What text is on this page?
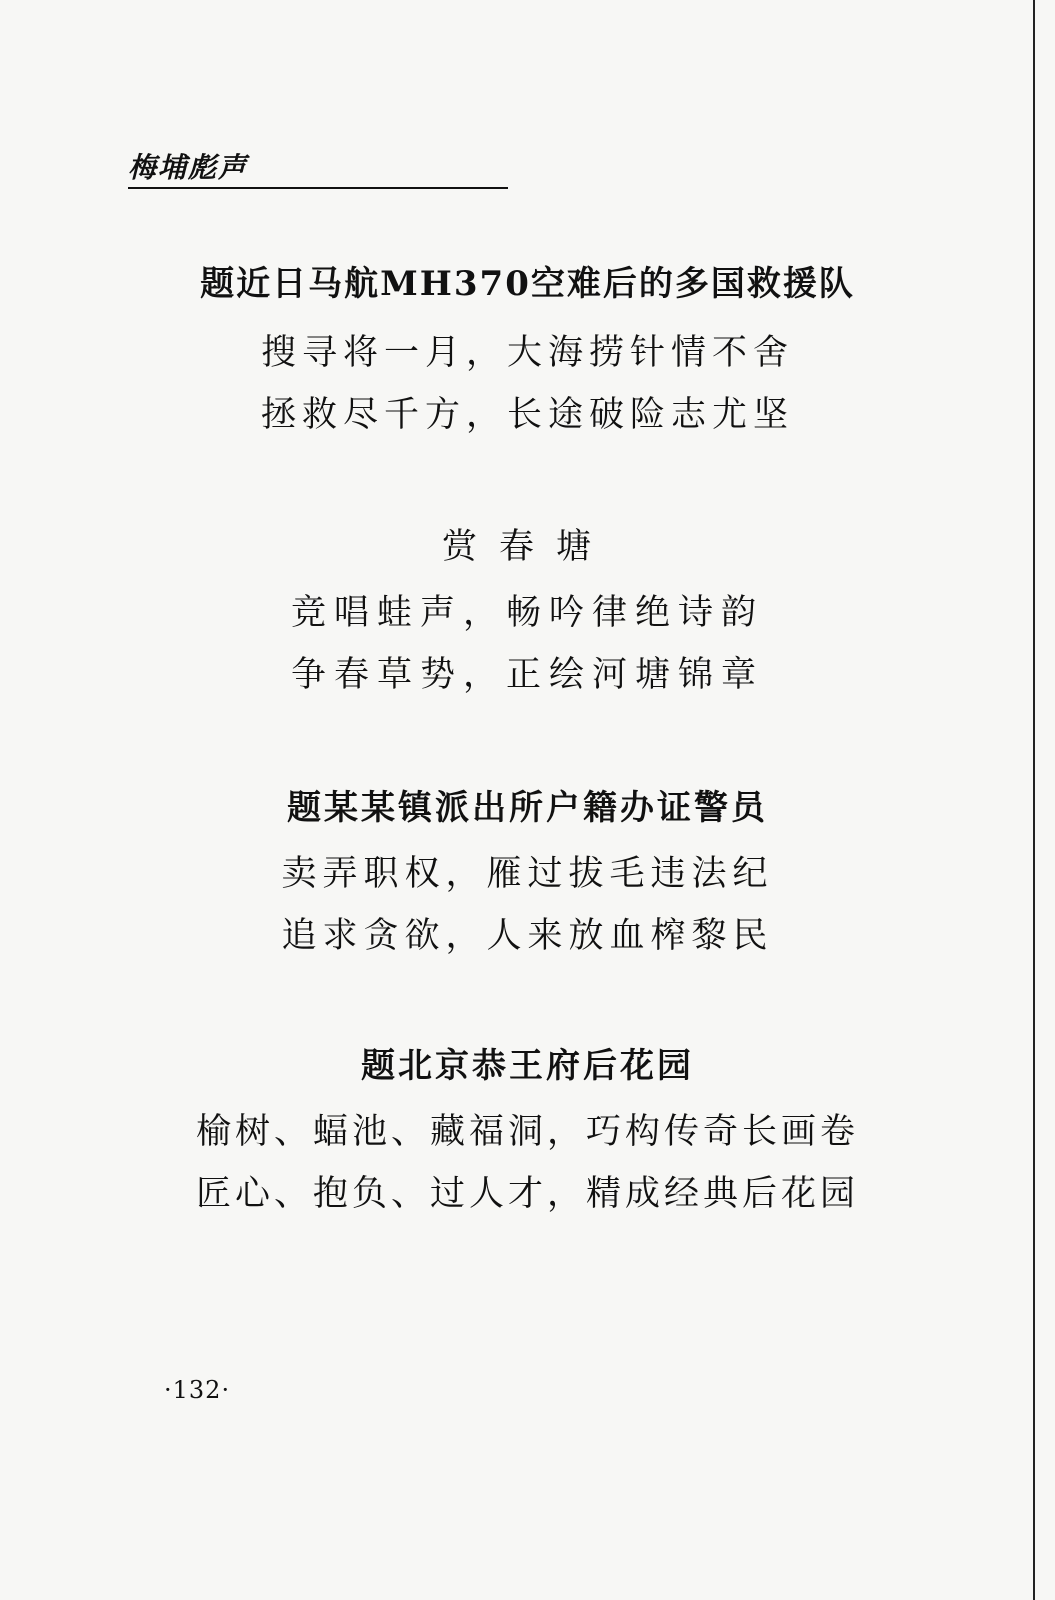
梅埔彪声
题近日马航MH370空难后的多国救援队
搜寻将一月，大海捞针情不舍
拯救尽千方，长途破险志尤坚
赏春塘
竞唱蛙声，畅吟律绝诗韵
争春草势，正绘河塘锦章
题某某镇派出所户籍办证警员
卖弄职权，雁过拔毛违法纪
追求贪欲，人来放血榨黎民
题北京恭王府后花园
榆树、蝠池、藏福洞，巧构传奇长画卷
匠心、抱负、过人才，精成经典后花园
·132·
